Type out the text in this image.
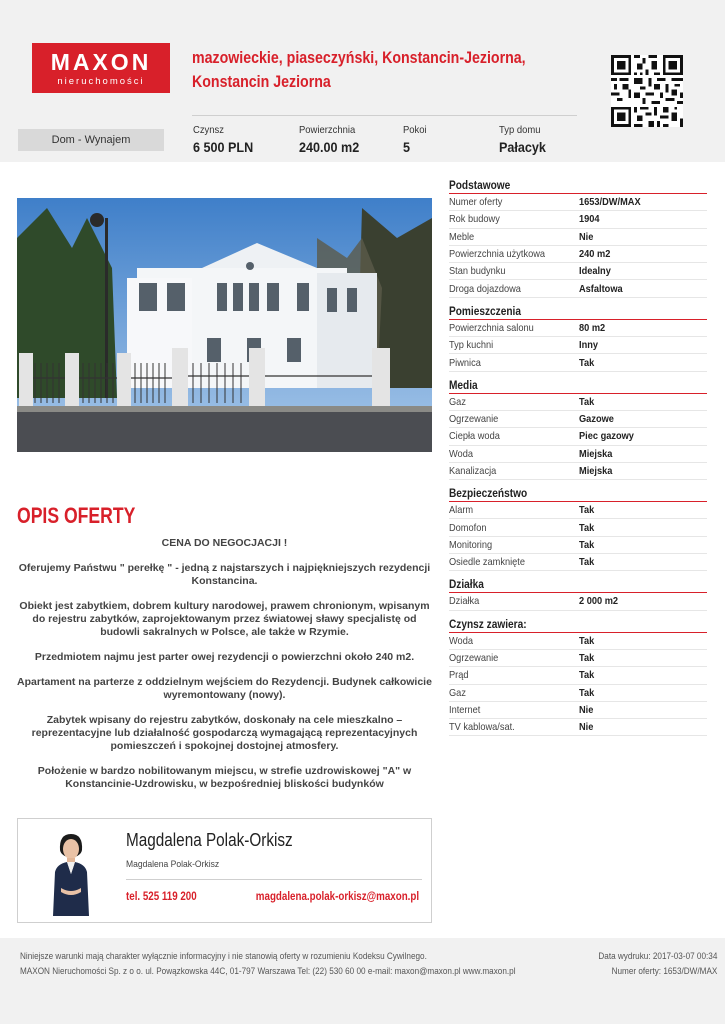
MAXON
nieruchomości
mazowieckie, piaseczyński, Konstancin-Jeziorna, Konstancin Jeziorna
Dom - Wynajem
Czynsz
6 500 PLN
Powierzchnia
240.00 m2
Pokoi
5
Typ domu
Pałacyk
OPIS OFERTY

CENA DO NEGOCJACJI !

Oferujemy Państwu " perełkę " - jedną z najstarszych i najpiękniejszych rezydencji Konstancina.

Obiekt jest zabytkiem, dobrem kultury narodowej, prawem chronionym, wpisanym do rejestru zabytków, zaprojektowanym przez światowej sławy specjalistę od budowli sakralnych w Polsce, ale także w Rzymie.

Przedmiotem najmu jest parter owej rezydencji o powierzchni około 240 m2.

Apartament na parterze z oddzielnym wejściem do Rezydencji. Budynek całkowicie wyremontowany (nowy).

Zabytek wpisany do rejestru zabytków, doskonały na cele mieszkalno – reprezentacyjne lub działalność gospodarczą wymagającą reprezentacyjnych pomieszczeń i spokojnej dostojnej atmosfery.

Położenie w bardzo nobilitowanym miejscu, w strefie uzdrowiskowej "A" w Konstancinie-Uzdrowisku, w bezpośredniej bliskości budynków

Magdalena Polak-Orkisz
Magdalena Polak-Orkisz
tel. 525 119 200	magdalena.polak-orkisz@maxon.pl
Podstawowe
Numer oferty	1653/DW/MAX
Rok budowy	1904
Meble	Nie
Powierzchnia użytkowa	240 m2
Stan budynku	Idealny
Droga dojazdowa	Asfaltowa
Pomieszczenia
Powierzchnia salonu	80 m2
Typ kuchni	Inny
Piwnica	Tak
Media
Gaz	Tak
Ogrzewanie	Gazowe
Ciepła woda	Piec gazowy
Woda	Miejska
Kanalizacja	Miejska
Bezpieczeństwo
Alarm	Tak
Domofon	Tak
Monitoring	Tak
Osiedle zamknięte	Tak
Działka
Działka	2 000 m2
Czynsz zawiera:
Woda	Tak
Ogrzewanie	Tak
Prąd	Tak
Gaz	Tak
Internet	Nie
TV kablowa/sat.	Nie
Niniejsze warunki mają charakter wyłącznie informacyjny i nie stanowią oferty w rozumieniu Kodeksu Cywilnego.
MAXON Nieruchomości Sp. z o o. ul. Powązkowska 44C, 01-797 Warszawa Tel: (22) 530 60 00 e-mail: maxon@maxon.pl www.maxon.pl
Data wydruku: 2017-03-07 00:34
Numer oferty: 1653/DW/MAX
